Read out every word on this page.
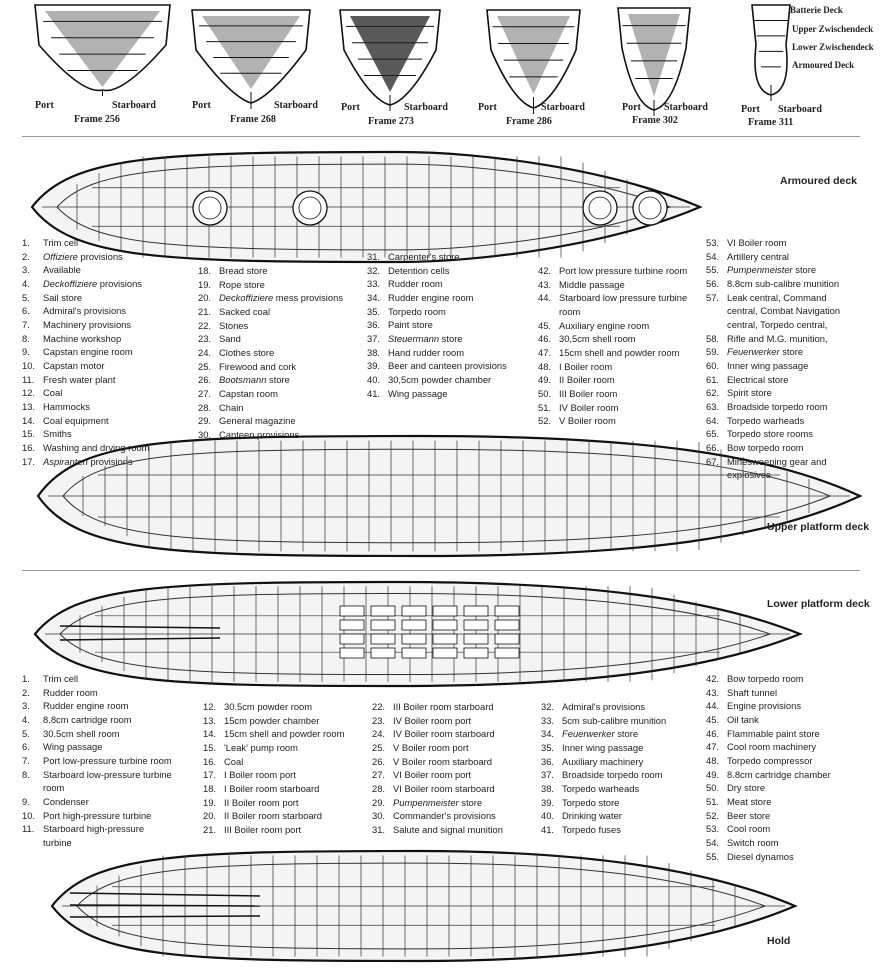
Port	Starboard
Frame 256
Port	Starboard
Frame 268
Port	Starboard
Frame 273
Port	Starboard
Frame 286
Port Starboard
Frame 302
Port Starboard
Frame 311
Batterie Deck
Upper Zwischendeck
Lower Zwischendeck
Armoured Deck
Armoured deck
Upper platform deck
Lower platform deck
Hold
1.	Trim cell
2.	Offiziere provisions
3.	Available
4.	Deckoffiziere provisions
5.	Sail store
6.	Admiral's provisions
7.	Machinery provisions
8.	Machine workshop
9.	Capstan engine room
10. Capstan motor
11. Fresh water plant
12. Coal
13. Hammocks
14. Coal equipment
15. Smiths
16. Washing and drying room
17. Aspiranten provisions
18. Bread store
19. Rope store
20. Deckoffiziere mess provisions
21. Sacked coal
22. Stones
23. Sand
24. Clothes store
25. Firewood and cork
26. Bootsmann store
27. Capstan room
28. Chain
29. General magazine
30. Canteen provisions
31. Carpenter's store
32. Detention cells
33. Rudder room
34. Rudder engine room
35. Torpedo room
36. Paint store
37. Steuermann store
38. Hand rudder room
39. Beer and canteen provisions
40. 30,5cm powder chamber
41. Wing passage
42. Port low pressure turbine room
43. Middle passage
44. Starboard low pressure turbine room
45. Auxiliary engine room
46. 30,5cm shell room
47. 15cm shell and powder room
48. I Boiler room
49. II Boiler room
50. III Boiler room
51. IV Boiler room
52. V Boiler room
53. VI Boiler room
54. Artillery central
55. Pumpenmeister store
56. 8.8cm sub-calibre munition
57. Leak central, Command central, Combat Navigation central, Torpedo central,
58. Rifle and M.G. munition,
59. Feuerwerker store
60. Inner wing passage
61. Electrical store
62. Spirit store
63. Broadside torpedo room
64. Torpedo warheads
65. Torpedo store rooms
66. Bow torpedo room
67. Minesweeping gear and explosives
1.	Trim cell
2.	Rudder room
3.	Rudder engine room
4.	8.8cm cartridge room
5.	30.5cm shell room
6.	Wing passage
7.	Port low-pressure turbine room
8.	Starboard low-pressure turbine room
9.	Condenser
10. Port high-pressure turbine
11. Starboard high-pressure turbine
12. 30.5cm powder room
13. 15cm powder chamber
14. 15cm shell and powder room
15. 'Leak' pump room
16. Coal
17. I Boiler room port
18. I Boiler room starboard
19. II Boiler room port
20. II Boiler room starboard
21. III Boiler room port
22. III Boiler room starboard
23. IV Boiler room port
24. IV Boiler room starboard
25. V Boiler room port
26. V Boiler room starboard
27. VI Boiler room port
28. VI Boiler room starboard
29. Pumpenmeister store
30. Commander's provisions
31. Salute and signal munition
32. Admiral's provisions
33. 5cm sub-calibre munition
34. Feuerwerker store
35. Inner wing passage
36. Auxiliary machinery
37. Broadside torpedo room
38. Torpedo warheads
39. Torpedo store
40. Drinking water
41. Torpedo fuses
42. Bow torpedo room
43. Shaft tunnel
44. Engine provisions
45. Oil tank
46. Flammable paint store
47. Cool room machinery
48. Torpedo compressor
49. 8.8cm cartridge chamber
50. Dry store
51. Meat store
52. Beer store
53. Cool room
54. Switch room
55. Diesel dynamos
